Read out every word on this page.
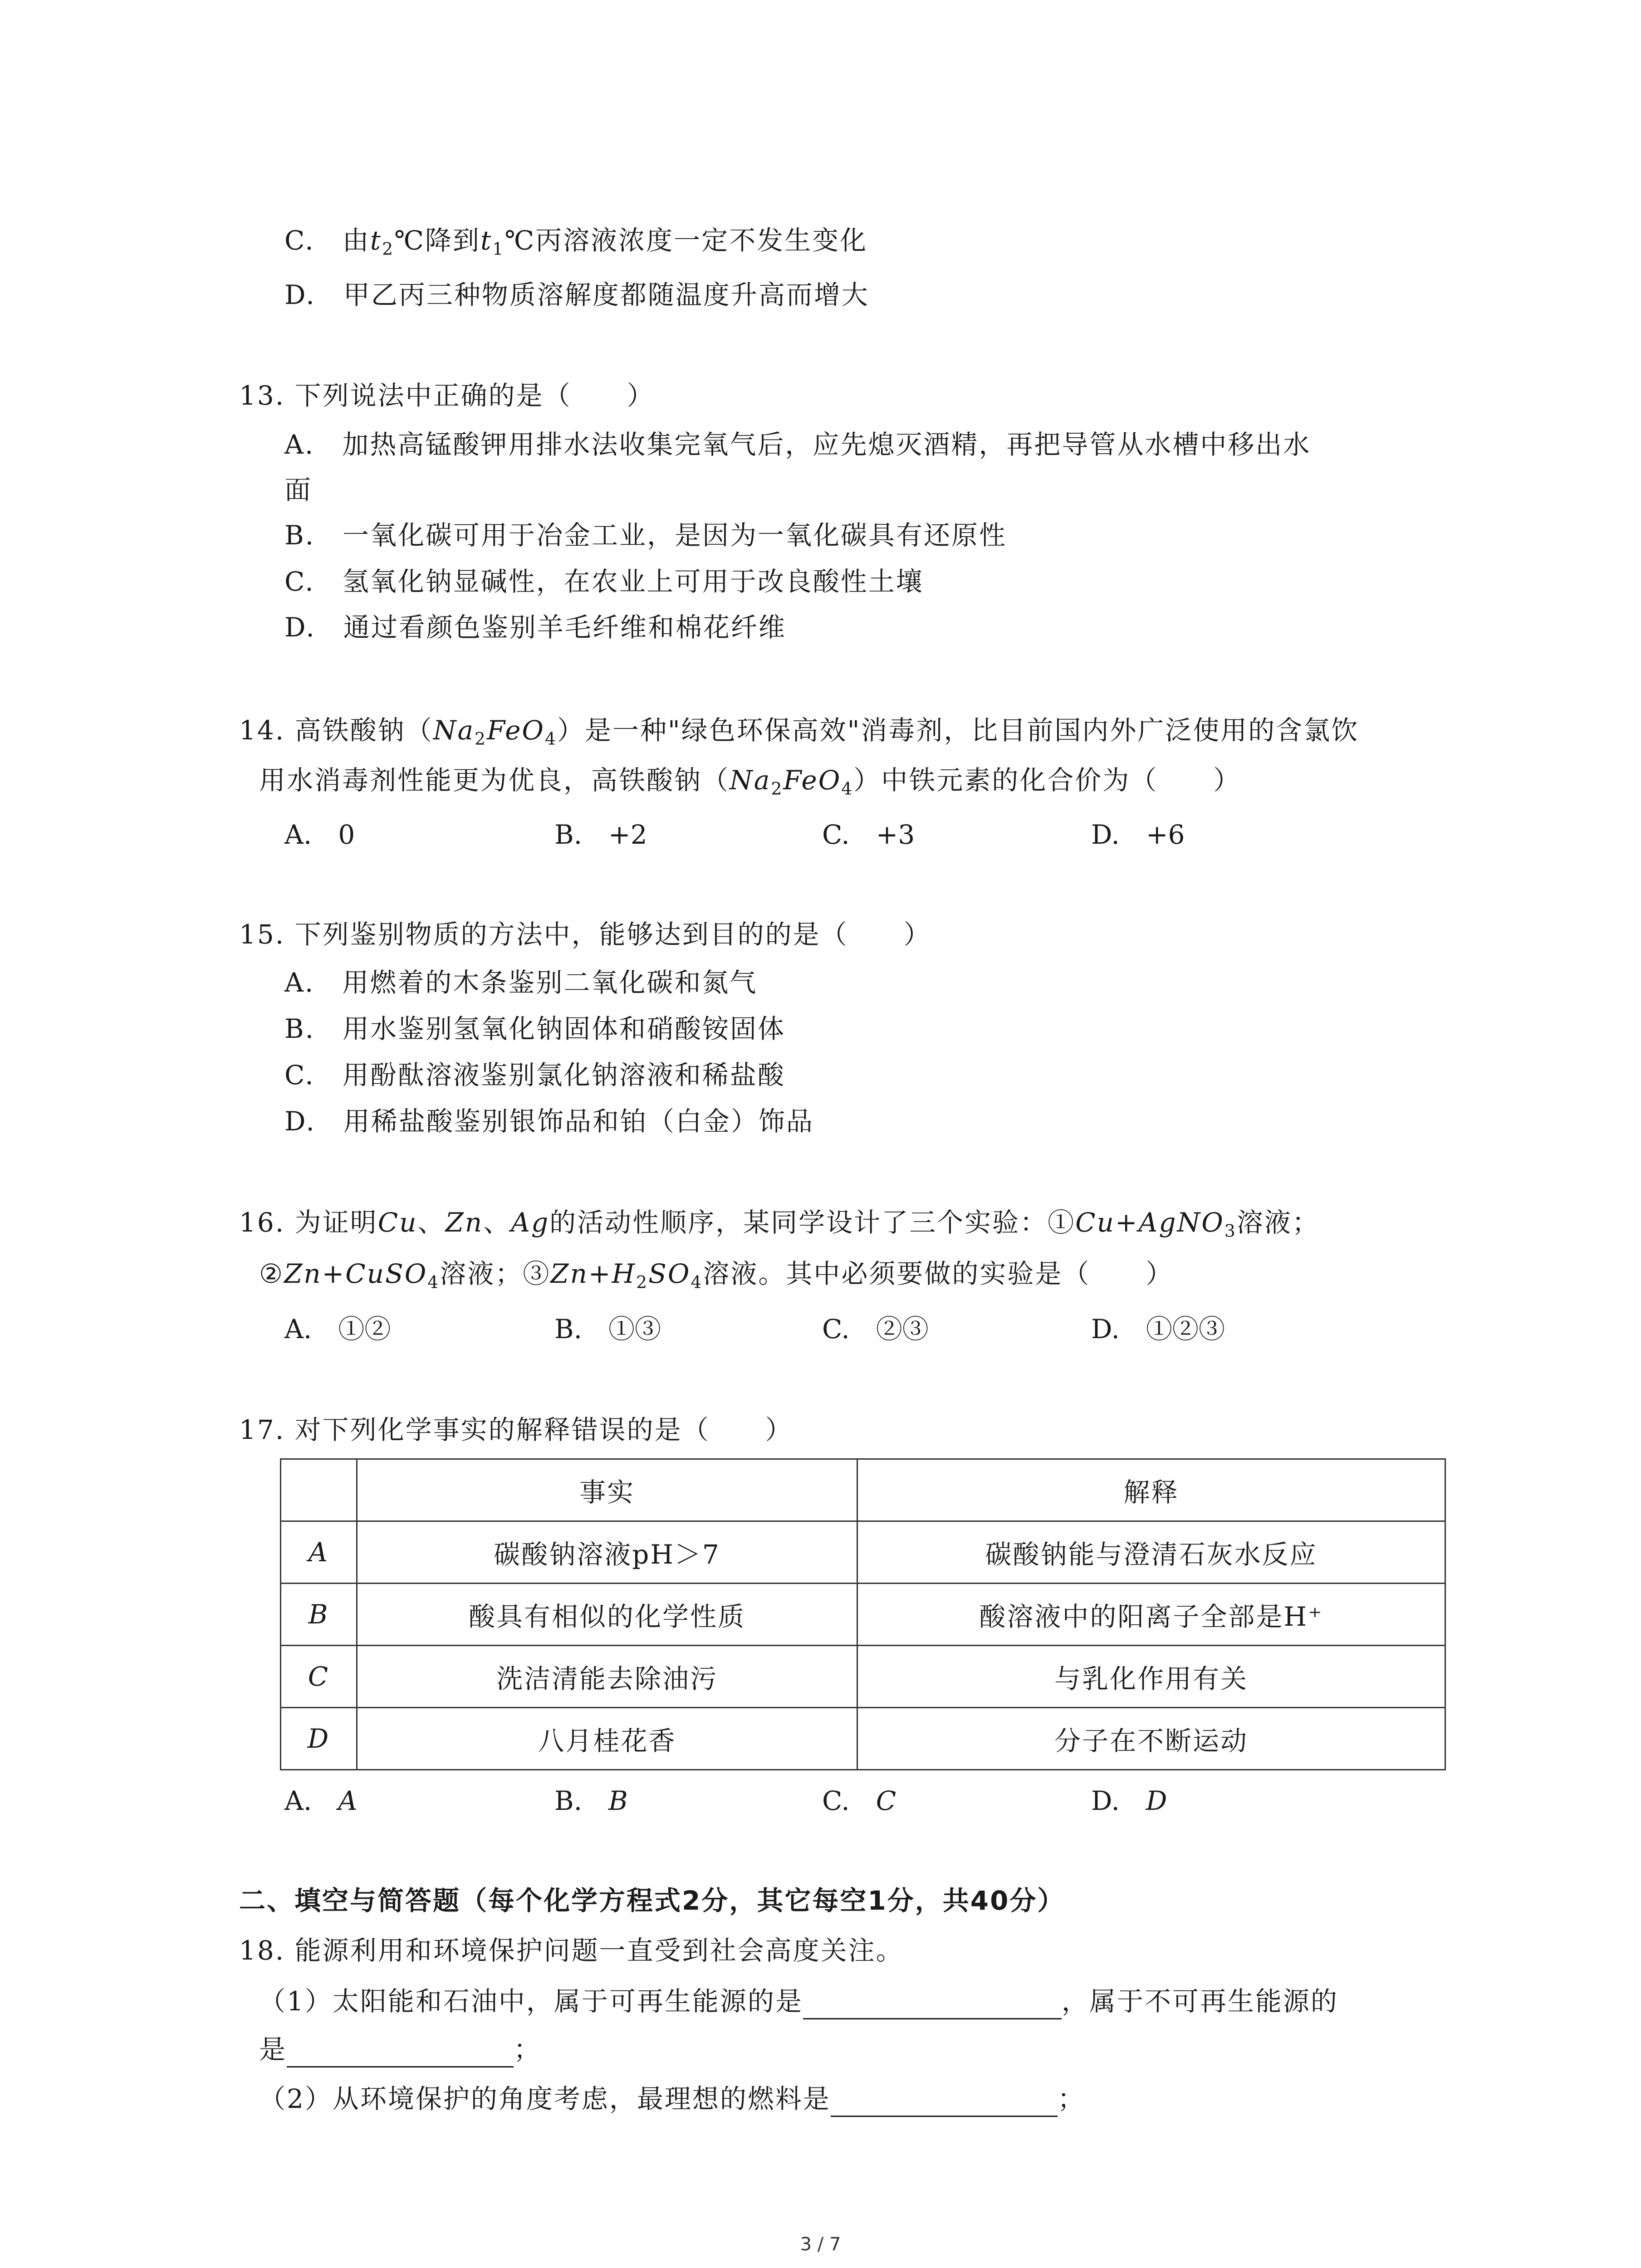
C.　由$t_2℃$降到$t_1℃$丙溶液浓度一定不发生变化
D.　甲乙丙三种物质溶解度都随温度升高而增大
13. 下列说法中正确的是（　　）
A.　加热高锰酸钾用排水法收集完氧气后，应先熄灭酒精，再把导管从水槽中移出水
面
B.　一氧化碳可用于冶金工业，是因为一氧化碳具有还原性
C.　氢氧化钠显碱性，在农业上可用于改良酸性土壤
D.　通过看颜色鉴别羊毛纤维和棉花纤维
14. 高铁酸钠$(Na_2FeO_4)$是一种"绿色环保高效"消毒剂，比目前国内外广泛使用的含氯饮
用水消毒剂性能更为优良，高铁酸钠$(Na_2FeO_4)$中铁元素的化合价为（　　）
A.　0	B.　+2	C.　+3	D.　+6
15. 下列鉴别物质的方法中，能够达到目的的是（　　）
A.　用燃着的木条鉴别二氧化碳和氮气
B.　用水鉴别氢氧化钠固体和硝酸铵固体
C.　用酚酞溶液鉴别氯化钠溶液和稀盐酸
D.　用稀盐酸鉴别银饰品和铂（白金）饰品
16. 为证明Cu、Zn、Ag的活动性顺序，某同学设计了三个实验：①Cu+AgNO$_3$溶液；
②Zn+CuSO$_4$溶液；$③Zn+H_2SO_4$溶液。其中必须要做的实验是（　　）
A.　①②	B.　①③	C.　②③	D.　①②③
17. 对下列化学事实的解释错误的是（　　）
	事实	解释
A	碳酸钠溶液pH＞7	碳酸钠能与澄清石灰水反应
B	酸具有相似的化学性质	酸溶液中的阳离子全部是H⁺
C	洗洁清能去除油污	与乳化作用有关
D	八月桂花香	分子在不断运动
A.　A	B.　B	C.　C	D.　D
二、填空与简答题（每个化学方程式2分，其它每空1分，共40分）
18. 能源利用和环境保护问题一直受到社会高度关注。
（1）太阳能和石油中，属于可再生能源的是	，属于不可再生能源的
是	；
（2）从环境保护的角度考虑，最理想的燃料是	；
3 / 7
